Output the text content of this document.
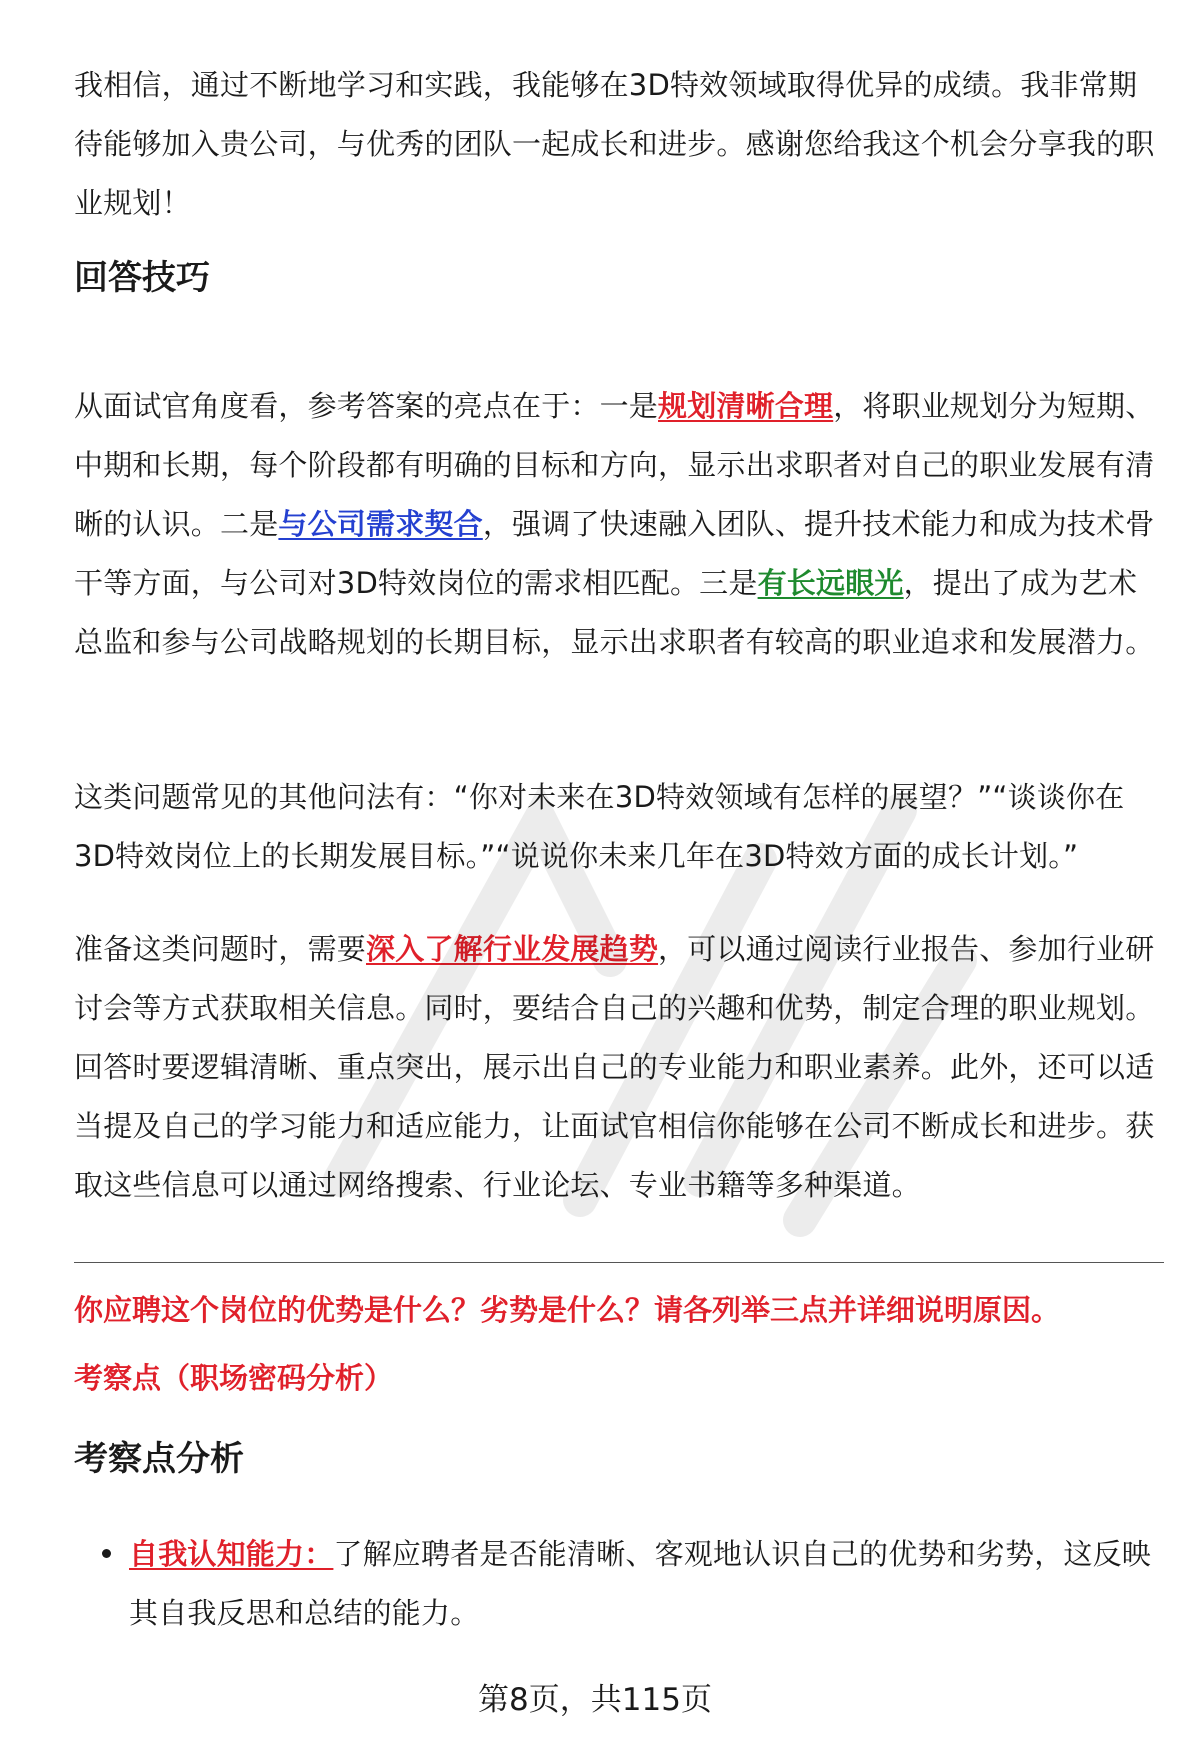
我相信，通过不断地学习和实践，我能够在3D特效领域取得优异的成绩。我非常期待能够加入贵公司，与优秀的团队一起成长和进步。感谢您给我这个机会分享我的职业规划！

回答技巧

从面试官角度看，参考答案的亮点在于：一是规划清晰合理，将职业规划分为短期、中期和长期，每个阶段都有明确的目标和方向，显示出求职者对自己的职业发展有清晰的认识。二是与公司需求契合，强调了快速融入团队、提升技术能力和成为技术骨干等方面，与公司对3D特效岗位的需求相匹配。三是有长远眼光，提出了成为艺术总监和参与公司战略规划的长期目标，显示出求职者有较高的职业追求和发展潜力。

这类问题常见的其他问法有：“你对未来在3D特效领域有怎样的展望？”“谈谈你在3D特效岗位上的长期发展目标。”“说说你未来几年在3D特效方面的成长计划。”

准备这类问题时，需要深入了解行业发展趋势，可以通过阅读行业报告、参加行业研讨会等方式获取相关信息。同时，要结合自己的兴趣和优势，制定合理的职业规划。回答时要逻辑清晰、重点突出，展示出自己的专业能力和职业素养。此外，还可以适当提及自己的学习能力和适应能力，让面试官相信你能够在公司不断成长和进步。获取这些信息可以通过网络搜索、行业论坛、专业书籍等多种渠道。

你应聘这个岗位的优势是什么？劣势是什么？请各列举三点并详细说明原因。
考察点（职场密码分析）
考察点分析

自我认知能力：了解应聘者是否能清晰、客观地认识自己的优势和劣势，这反映其自我反思和总结的能力。

第8页，共115页
